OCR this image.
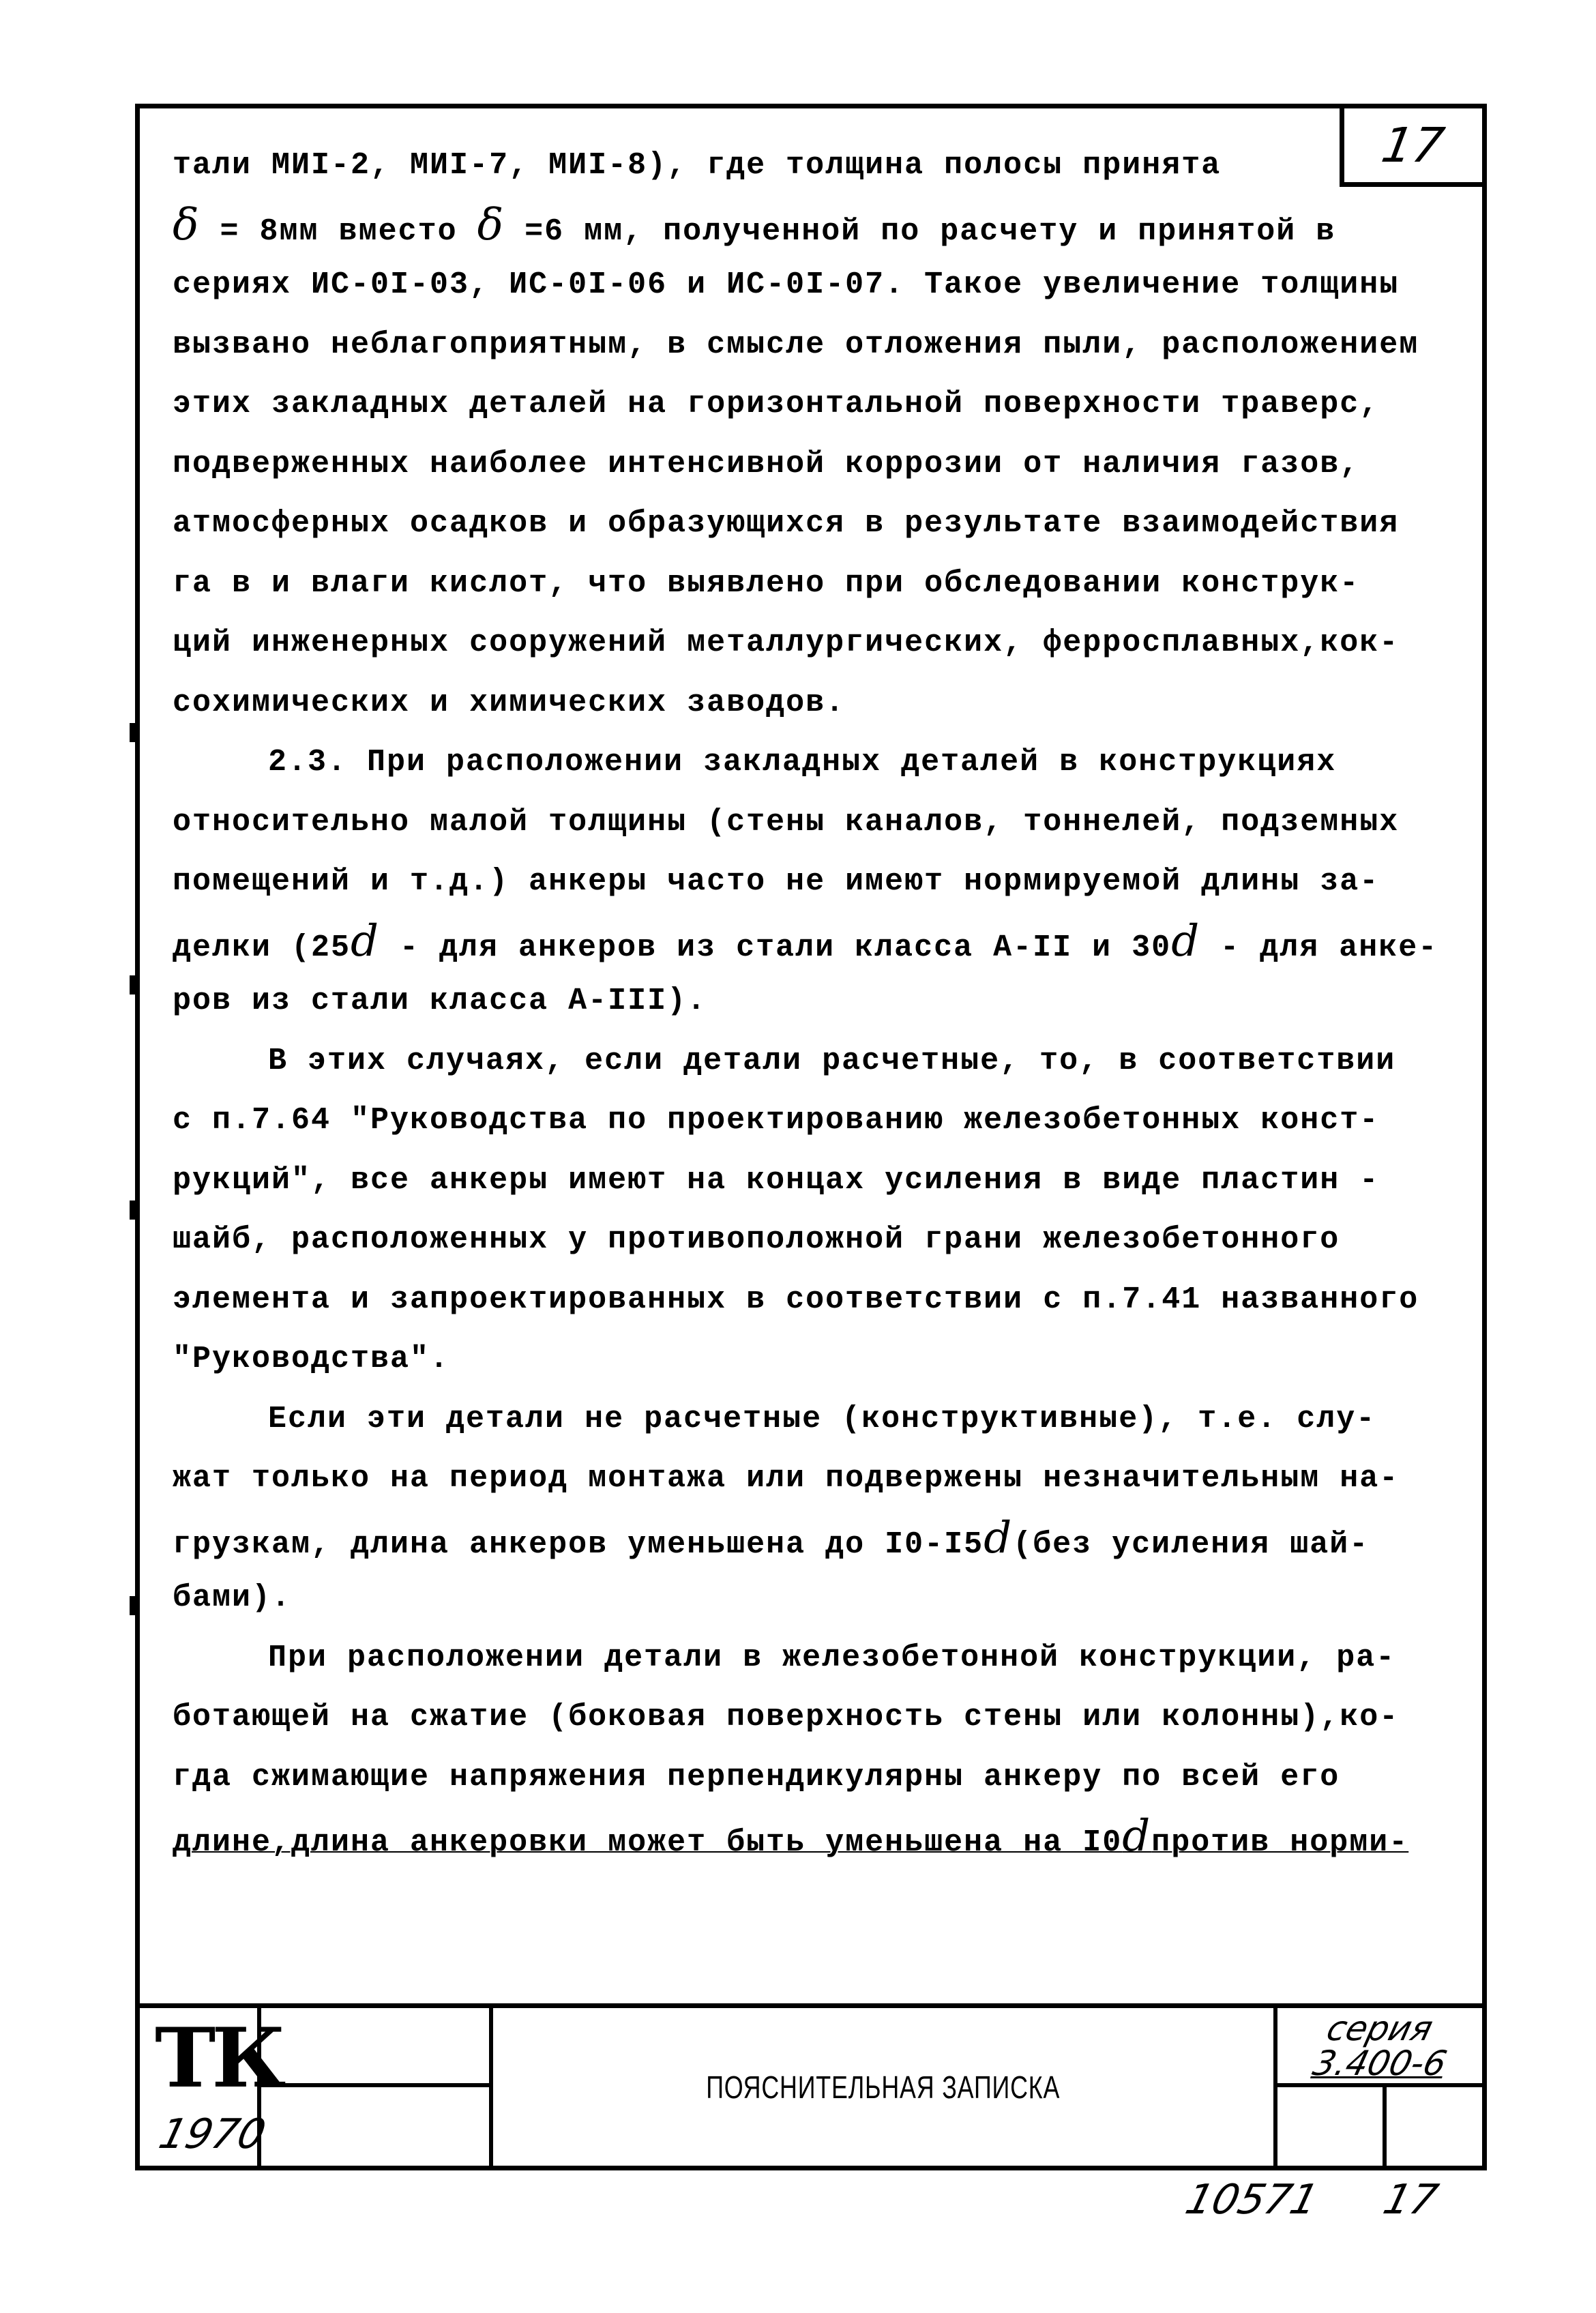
17
тали МИI-2, МИI-7, МИI-8), где толщина полосы принята
δ = 8мм вместо δ =6 мм, полученной по расчету и принятой в
сериях ИС-0I-03, ИС-0I-06 и ИС-0I-07. Такое увеличение толщины
вызвано неблагоприятным, в смысле отложения пыли, расположением
этих закладных деталей на горизонтальной поверхности траверс,
подверженных наиболее интенсивной коррозии от наличия газов,
атмосферных осадков и образующихся в результате взаимодействия
га в и влаги кислот, что выявлено при обследовании конструк-
ций инженерных сооружений металлургических, ферросплавных,кок-
сохимических и химических заводов.
2.3. При расположении закладных деталей в конструкциях
относительно малой толщины (стены каналов, тоннелей, подземных
помещений и т.д.) анкеры часто не имеют нормируемой длины за-
делки (25d - для анкеров из стали класса А-II и 30d - для анке-
ров из стали класса А-III).
В этих случаях, если детали расчетные, то, в соответствии
с п.7.64 "Руководства по проектированию железобетонных конст-
рукций", все анкеры имеют на концах усиления в виде пластин -
шайб, расположенных у противоположной грани железобетонного
элемента и запроектированных в соответствии с п.7.41 названного
"Руководства".
Если эти детали не расчетные (конструктивные), т.е. слу-
жат только на период монтажа или подвержены незначительным на-
грузкам, длина анкеров уменьшена до I0-I5d(без усиления шай-
бами).
При расположении детали в железобетонной конструкции, ра-
ботающей на сжатие (боковая поверхность стены или колонны),ко-
гда сжимающие напряжения перпендикулярны анкеру по всей его
длине,длина анкеровки может быть уменьшена на I0dпротив норми-
ТК
1970
ПОЯСНИТЕЛЬНАЯ ЗАПИСКА
серия
3.400-6
10571 17
